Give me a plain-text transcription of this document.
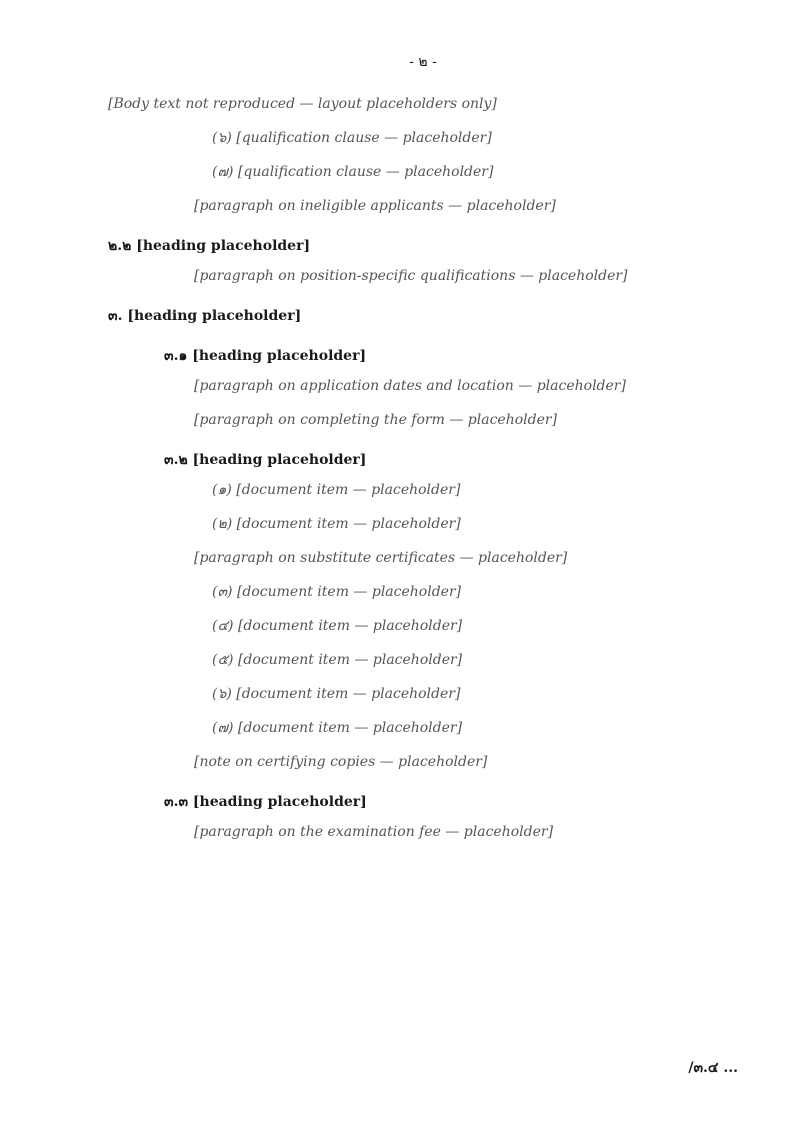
- ๒ -
[Body text not reproduced — layout placeholders only]
(๖) [qualification clause — placeholder]
(๗) [qualification clause — placeholder]
[paragraph on ineligible applicants — placeholder]
๒.๒ [heading placeholder]
[paragraph on position-specific qualifications — placeholder]
๓. [heading placeholder]
๓.๑ [heading placeholder]
[paragraph on application dates and location — placeholder]
[paragraph on completing the form — placeholder]
๓.๒ [heading placeholder]
(๑) [document item — placeholder]
(๒) [document item — placeholder]
[paragraph on substitute certificates — placeholder]
(๓) [document item — placeholder]
(๔) [document item — placeholder]
(๕) [document item — placeholder]
(๖) [document item — placeholder]
(๗) [document item — placeholder]
[note on certifying copies — placeholder]
๓.๓ [heading placeholder]
[paragraph on the examination fee — placeholder]
/๓.๔ ...
